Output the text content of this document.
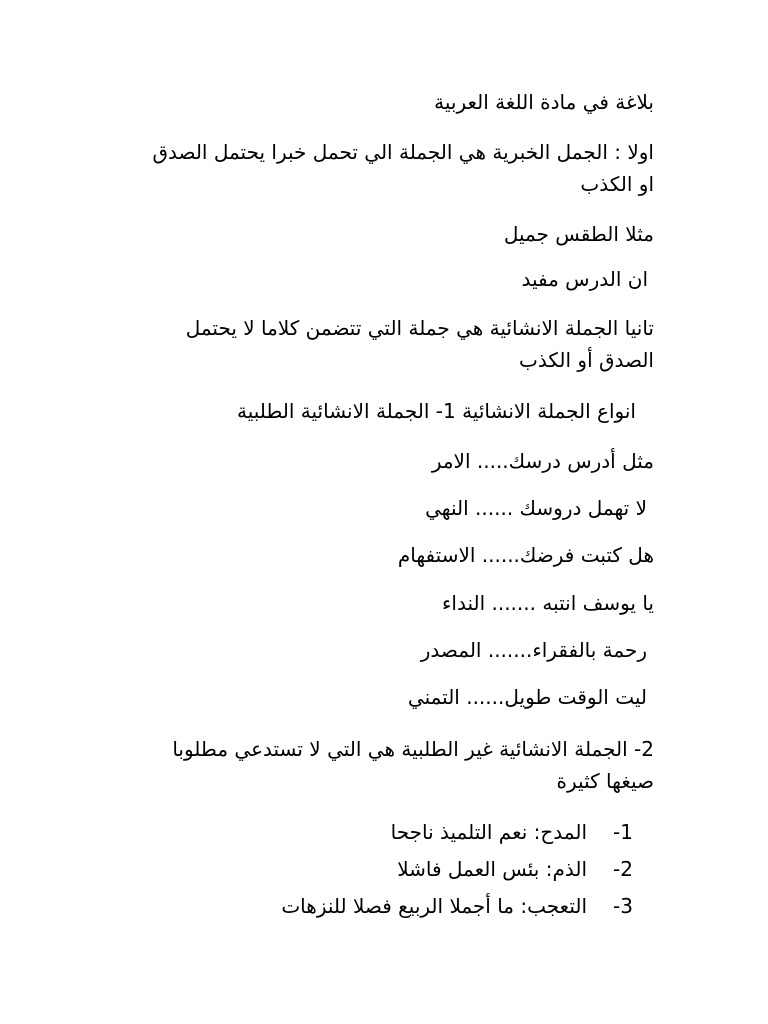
بلاغة في مادة اللغة العربية
اولا : الجمل الخبرية هي الجملة الي تحمل خبرا يحتمل الصدق او الكذب
مثلا الطقس جميل
ان الدرس مفيد
تانيا الجملة الانشائية هي جملة التي تتضمن كلاما لا يحتمل الصدق أو الكذب
انواع الجملة الانشائية 1- الجملة الانشائية الطلبية
مثل أدرس درسك..... الامر
لا تهمل دروسك ...... النهي
هل كتبت فرضك...... الاستفهام
يا يوسف انتبه ....... النداء
رحمة بالفقراء....... المصدر
ليت الوقت طويل...... التمني
2- الجملة الانشائية غير الطلبية هي التي لا تستدعي مطلوبا صيغها كثيرة
-1المدح: نعم التلميذ ناجحا
-2الذم: بئس العمل فاشلا
-3التعجب: ما أجملا الربيع فصلا للنزهات
